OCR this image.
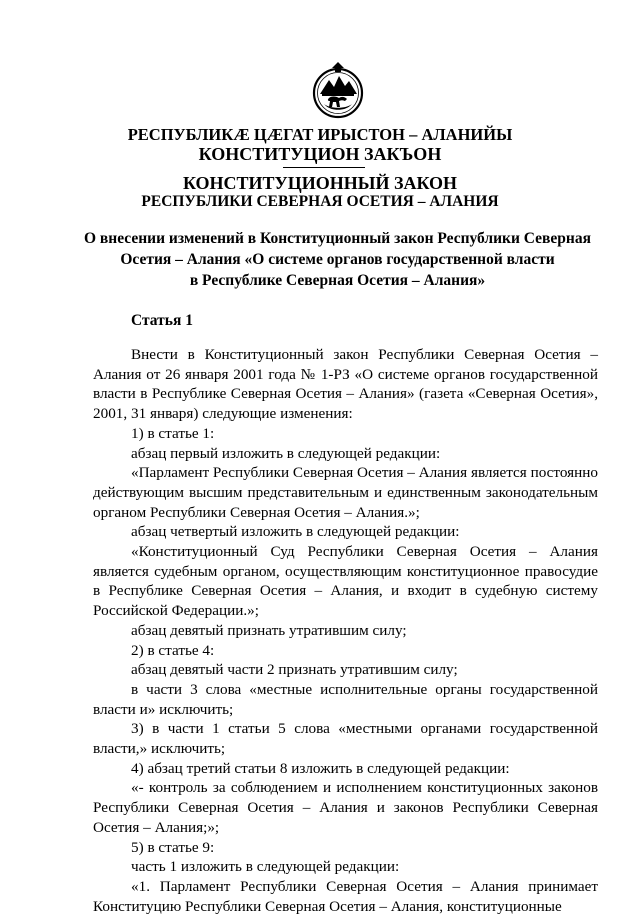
РЕСПУБЛИКÆ ЦÆГАТ ИРЫСТОН – АЛАНИЙЫ
КОНСТИТУЦИОН ЗАКЪОН
КОНСТИТУЦИОННЫЙ ЗАКОН
РЕСПУБЛИКИ СЕВЕРНАЯ ОСЕТИЯ – АЛАНИЯ
О внесении изменений в Конституционный закон Республики Северная
Осетия – Алания «О системе органов государственной власти
в Республике Северная Осетия – Алания»
Статья 1

Внести в Конституционный закон Республики Северная Осетия – Алания от 26 января 2001 года № 1-РЗ «О системе органов государственной власти в Республике Северная Осетия – Алания» (газета «Северная Осетия», 2001, 31 января) следующие изменения:

1) в статье 1:

абзац первый изложить в следующей редакции:

«Парламент Республики Северная Осетия – Алания является постоянно действующим высшим представительным и единственным законодательным органом Республики Северная Осетия – Алания.»;

абзац четвертый изложить в следующей редакции:

«Конституционный Суд Республики Северная Осетия – Алания является судебным органом, осуществляющим конституционное правосудие в Республике Северная Осетия – Алания, и входит в судебную систему Российской Федерации.»;

абзац девятый признать утратившим силу;

2) в статье 4:

абзац девятый части 2 признать утратившим силу;

в части 3 слова «местные исполнительные органы государственной власти и» исключить;

3) в части 1 статьи 5 слова «местными органами государственной власти,» исключить;

4) абзац третий статьи 8 изложить в следующей редакции:

«- контроль за соблюдением и исполнением конституционных законов Республики Северная Осетия – Алания и законов Республики Северная Осетия – Алания;»;

5) в статье 9:

часть 1 изложить в следующей редакции:

«1. Парламент Республики Северная Осетия – Алания принимает Конституцию Республики Северная Осетия – Алания, конституционные
